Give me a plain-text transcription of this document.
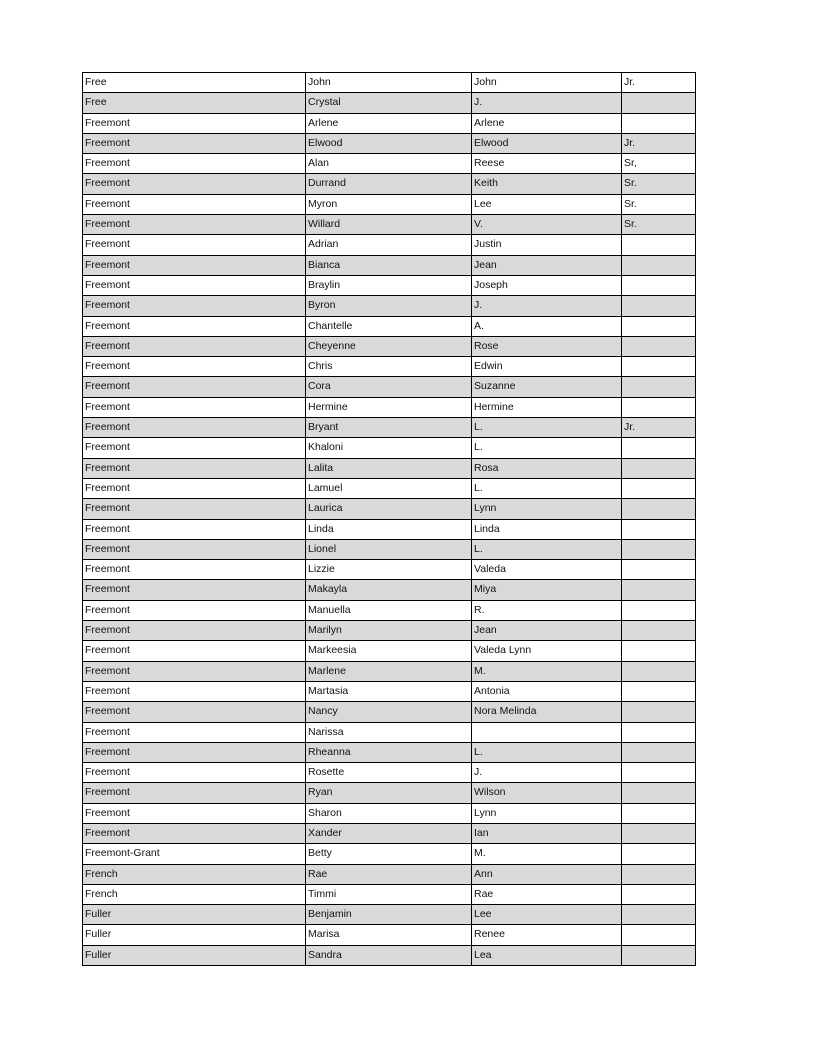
Free	John	John	Jr.
Free	Crystal	J.	
Freemont	Arlene	Arlene	
Freemont	Elwood	Elwood	Jr.
Freemont	Alan	Reese	Sr,
Freemont	Durrand	Keith	Sr.
Freemont	Myron	Lee	Sr.
Freemont	Willard	V.	Sr.
Freemont	Adrian	Justin	
Freemont	Bianca	Jean	
Freemont	Braylin	Joseph	
Freemont	Byron	J.	
Freemont	Chantelle	A.	
Freemont	Cheyenne	Rose	
Freemont	Chris	Edwin	
Freemont	Cora	Suzanne	
Freemont	Hermine	Hermine	
Freemont	Bryant	L.	Jr.
Freemont	Khaloni	L.	
Freemont	Lalita	Rosa	
Freemont	Lamuel	L.	
Freemont	Laurica	Lynn	
Freemont	Linda	Linda	
Freemont	Lionel	L.	
Freemont	Lizzie	Valeda	
Freemont	Makayla	Miya	
Freemont	Manuella	R.	
Freemont	Marilyn	Jean	
Freemont	Markeesia	Valeda Lynn	
Freemont	Marlene	M.	
Freemont	Martasia	Antonia	
Freemont	Nancy	Nora Melinda	
Freemont	Narissa		
Freemont	Rheanna	L.	
Freemont	Rosette	J.	
Freemont	Ryan	Wilson	
Freemont	Sharon	Lynn	
Freemont	Xander	Ian	
Freemont-Grant	Betty	M.	
French	Rae	Ann	
French	Timmi	Rae	
Fuller	Benjamin	Lee	
Fuller	Marisa	Renee	
Fuller	Sandra	Lea	
